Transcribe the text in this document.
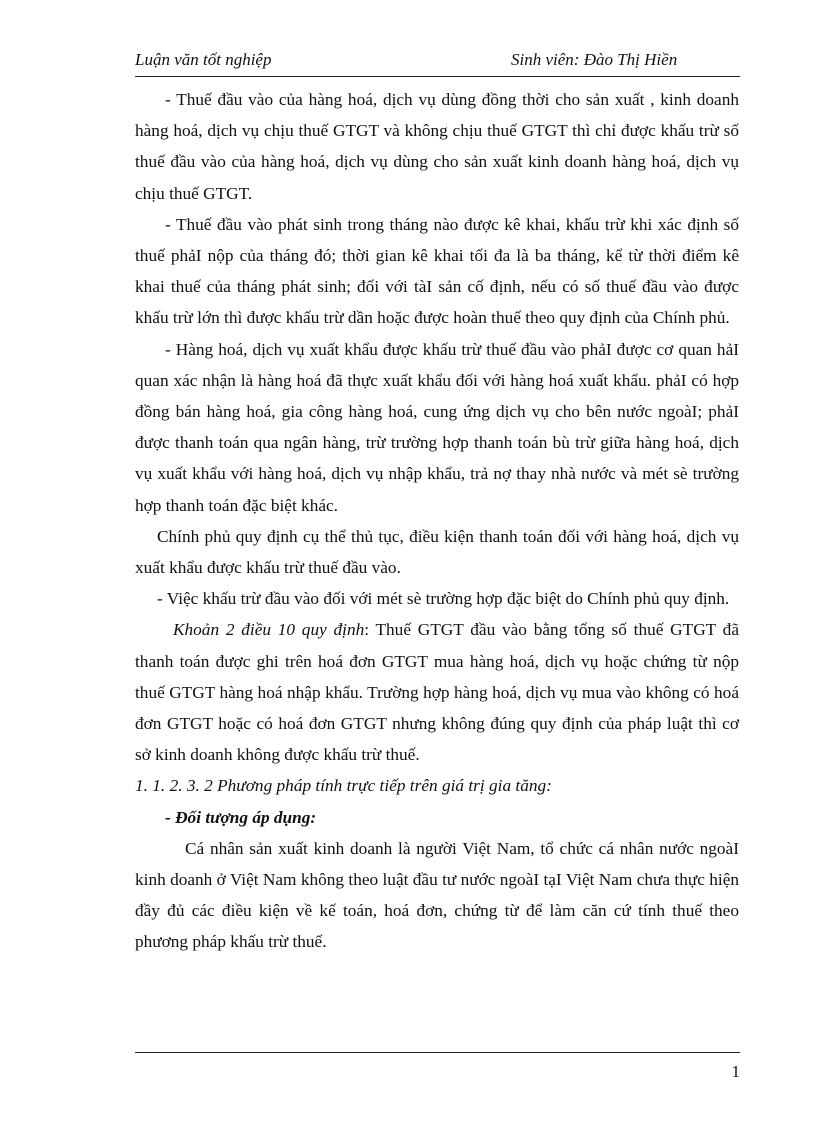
Luận văn tốt nghiệp	Sinh viên: Đào Thị Hiền

- Thuế đầu vào của hàng hoá, dịch vụ dùng đồng thời cho sản xuất , kinh doanh hàng hoá, dịch vụ chịu thuế GTGT và không chịu thuế GTGT thì chỉ được khấu trừ số thuế đầu vào của hàng hoá, dịch vụ dùng cho sản xuất kinh doanh hàng hoá, dịch vụ chịu thuế GTGT.

- Thuế đầu vào phát sinh trong tháng nào được kê khai, khấu trừ khi xác định số thuế phảI nộp của tháng đó; thời gian kê khai tối đa là ba tháng, kể từ thời điểm kê khai thuế của tháng phát sinh; đối với tàI sản cố định, nếu có số thuế đầu vào được khấu trừ lớn thì được khấu trừ dần hoặc được hoàn thuế theo quy định của Chính phủ.

- Hàng hoá, dịch vụ xuất khẩu được khấu trừ thuế đầu vào phảI được cơ quan hảI quan xác nhận là hàng hoá đã thực xuất khẩu đối với hàng hoá xuất khẩu. phảI có hợp đồng bán hàng hoá, gia công hàng hoá, cung ứng dịch vụ cho bên nước ngoàI; phảI được thanh toán qua ngân hàng, trừ trường hợp thanh toán bù trừ giữa hàng hoá, dịch vụ xuất khẩu với hàng hoá, dịch vụ nhập khẩu, trả nợ thay nhà nước và mét sè trường hợp thanh toán đặc biệt khác.

Chính phủ quy định cụ thể thủ tục, điều kiện thanh toán đối với hàng hoá, dịch vụ xuất khẩu được khấu trừ thuế đầu vào.

- Việc khấu trừ đầu vào đối với mét sè trường hợp đặc biệt do Chính phủ quy định.

Khoản 2 điều 10 quy định: Thuế GTGT đầu vào bằng tổng số thuế GTGT đã thanh toán được ghi trên hoá đơn GTGT mua hàng hoá, dịch vụ hoặc chứng từ nộp thuế GTGT hàng hoá nhập khẩu. Trường hợp hàng hoá, dịch vụ mua vào không có hoá đơn GTGT hoặc có hoá đơn GTGT nhưng không đúng quy định của pháp luật thì cơ sở kinh doanh không được khấu trừ thuế.

1. 1. 2. 3. 2 Phương pháp tính trực tiếp trên giá trị gia tăng:

- Đối tượng áp dụng:

Cá nhân sản xuất kinh doanh là người Việt Nam, tổ chức cá nhân nước ngoàI kinh doanh ở Việt Nam không theo luật đầu tư nước ngoàI tạI Việt Nam chưa thực hiện đầy đủ các điều kiện về kế toán, hoá đơn, chứng từ để làm căn cứ tính thuế theo phương pháp khấu trừ thuế.

1
